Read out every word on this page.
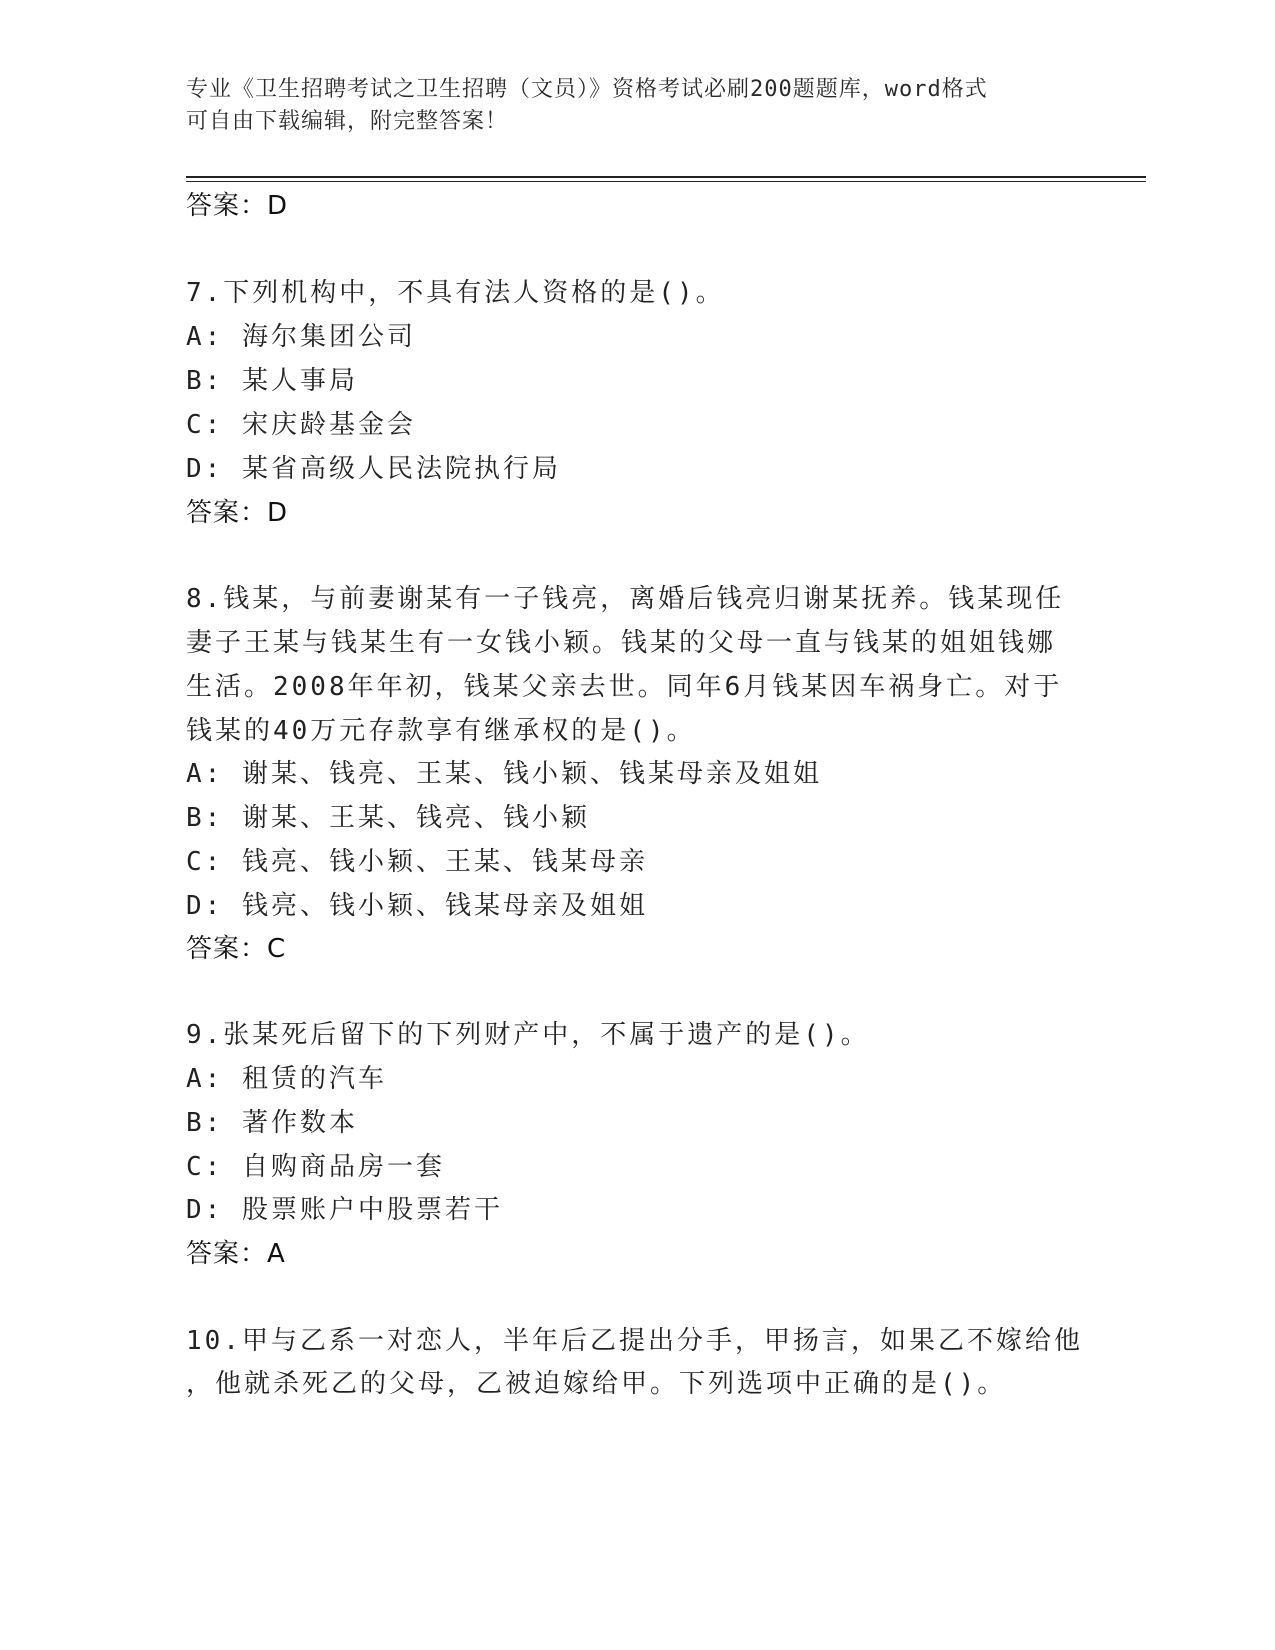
专业《卫生招聘考试之卫生招聘（文员）》资格考试必刷200题题库，word格式
可自由下载编辑，附完整答案！
答案：D
7.下列机构中，不具有法人资格的是()。
A: 海尔集团公司
B: 某人事局
C: 宋庆龄基金会
D: 某省高级人民法院执行局
答案：D
8.钱某，与前妻谢某有一子钱亮，离婚后钱亮归谢某抚养。钱某现任
妻子王某与钱某生有一女钱小颖。钱某的父母一直与钱某的姐姐钱娜
生活。2008年年初，钱某父亲去世。同年6月钱某因车祸身亡。对于
钱某的40万元存款享有继承权的是()。
A: 谢某、钱亮、王某、钱小颖、钱某母亲及姐姐
B: 谢某、王某、钱亮、钱小颖
C: 钱亮、钱小颖、王某、钱某母亲
D: 钱亮、钱小颖、钱某母亲及姐姐
答案：C
9.张某死后留下的下列财产中，不属于遗产的是()。
A: 租赁的汽车
B: 著作数本
C: 自购商品房一套
D: 股票账户中股票若干
答案：A
10.甲与乙系一对恋人，半年后乙提出分手，甲扬言，如果乙不嫁给他
，他就杀死乙的父母，乙被迫嫁给甲。下列选项中正确的是()。
